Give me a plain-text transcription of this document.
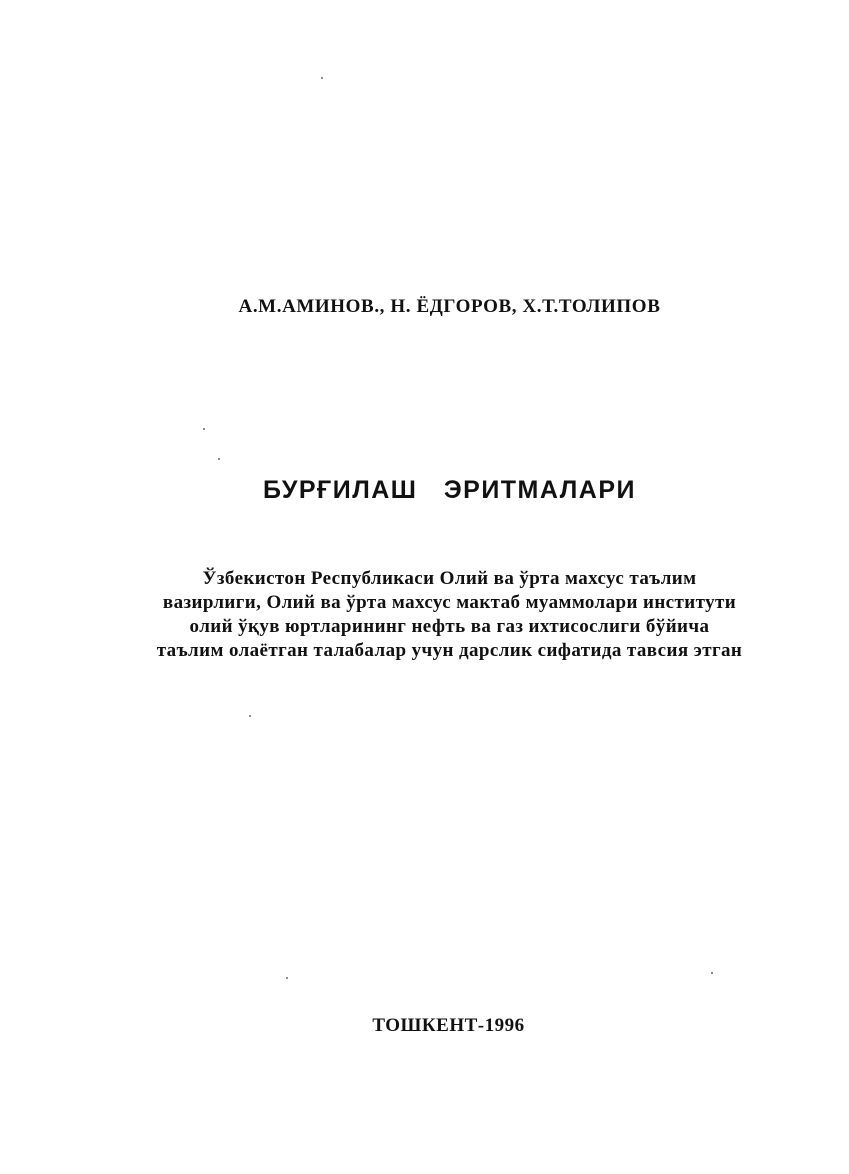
А.М.АМИНОВ., Н. ЁДГОРОВ, Х.Т.ТОЛИПОВ
БУРҒИЛАШ ЭРИТМАЛАРИ
Ўзбекистон Республикаси Олий ва ўрта махсус таълим
вазирлиги, Олий ва ўрта махсус мактаб муаммолари институти
олий ўқув юртларининг нефть ва газ ихтисослиги бўйича
таълим олаётган талабалар учун дарслик сифатида тавсия этган
ТОШКЕНТ-1996
